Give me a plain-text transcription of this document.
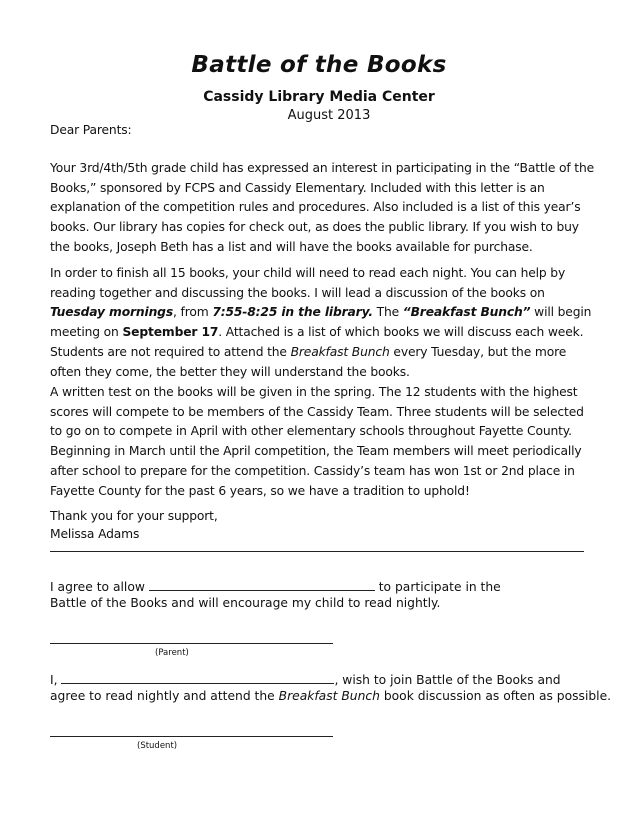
Battle of the Books
Cassidy Library Media Center
August 2013
Dear Parents:
Your 3rd/4th/5th grade child has expressed an interest in participating in the “Battle of the Books,” sponsored by FCPS and Cassidy Elementary. Included with this letter is an explanation of the competition rules and procedures. Also included is a list of this year’s books. Our library has copies for check out, as does the public library. If you wish to buy the books, Joseph Beth has a list and will have the books available for purchase.
In order to finish all 15 books, your child will need to read each night. You can help by reading together and discussing the books. I will lead a discussion of the books on Tuesday mornings, from 7:55-8:25 in the library. The “Breakfast Bunch” will begin meeting on September 17. Attached is a list of which books we will discuss each week. Students are not required to attend the Breakfast Bunch every Tuesday, but the more often they come, the better they will understand the books.
A written test on the books will be given in the spring. The 12 students with the highest scores will compete to be members of the Cassidy Team. Three students will be selected to go on to compete in April with other elementary schools throughout Fayette County. Beginning in March until the April competition, the Team members will meet periodically after school to prepare for the competition. Cassidy’s team has won 1st or 2nd place in Fayette County for the past 6 years, so we have a tradition to uphold!
Thank you for your support,
Melissa Adams
I agree to allow	to participate in the
Battle of the Books and will encourage my child to read nightly.
(Parent)
I,	, wish to join Battle of the Books and
agree to read nightly and attend the Breakfast Bunch book discussion as often as possible.
(Student)
